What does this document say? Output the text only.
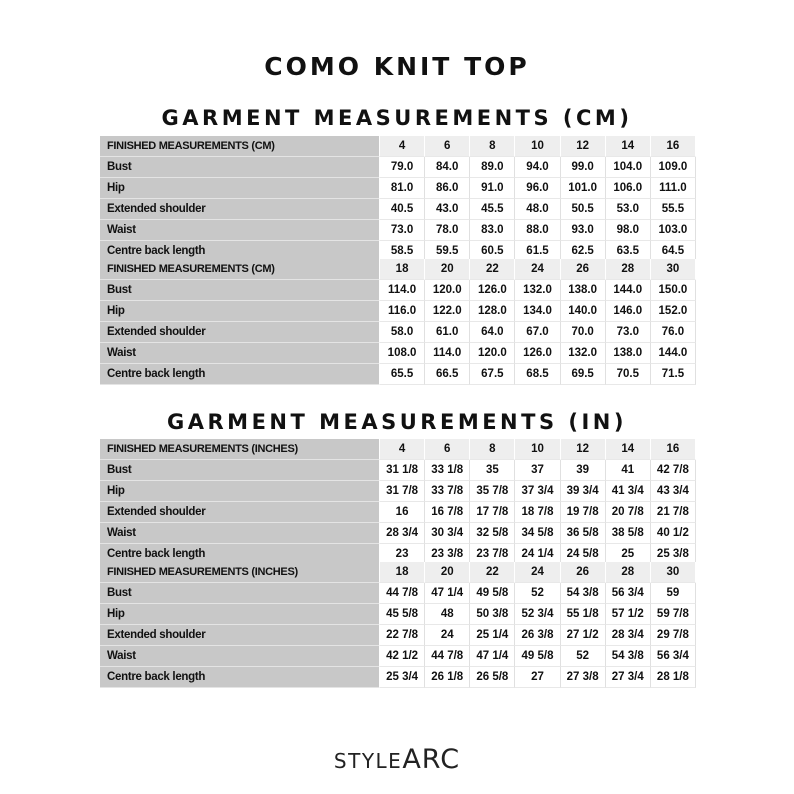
COMO KNIT TOP
GARMENT MEASUREMENTS (CM)
GARMENT MEASUREMENTS (IN)
FINISHED MEASUREMENTS (CM)	4	6	8	10	12	14	16
Bust	79.0	84.0	89.0	94.0	99.0	104.0	109.0
Hip	81.0	86.0	91.0	96.0	101.0	106.0	111.0
Extended shoulder	40.5	43.0	45.5	48.0	50.5	53.0	55.5
Waist	73.0	78.0	83.0	88.0	93.0	98.0	103.0
Centre back length	58.5	59.5	60.5	61.5	62.5	63.5	64.5
FINISHED MEASUREMENTS (CM)	18	20	22	24	26	28	30
Bust	114.0	120.0	126.0	132.0	138.0	144.0	150.0
Hip	116.0	122.0	128.0	134.0	140.0	146.0	152.0
Extended shoulder	58.0	61.0	64.0	67.0	70.0	73.0	76.0
Waist	108.0	114.0	120.0	126.0	132.0	138.0	144.0
Centre back length	65.5	66.5	67.5	68.5	69.5	70.5	71.5
FINISHED MEASUREMENTS (INCHES)	4	6	8	10	12	14	16
Bust	31 1/8	33 1/8	35	37	39	41	42 7/8
Hip	31 7/8	33 7/8	35 7/8	37 3/4	39 3/4	41 3/4	43 3/4
Extended shoulder	16	16 7/8	17 7/8	18 7/8	19 7/8	20 7/8	21 7/8
Waist	28 3/4	30 3/4	32 5/8	34 5/8	36 5/8	38 5/8	40 1/2
Centre back length	23	23 3/8	23 7/8	24 1/4	24 5/8	25	25 3/8
FINISHED MEASUREMENTS (INCHES)	18	20	22	24	26	28	30
Bust	44 7/8	47 1/4	49 5/8	52	54 3/8	56 3/4	59
Hip	45 5/8	48	50 3/8	52 3/4	55 1/8	57 1/2	59 7/8
Extended shoulder	22 7/8	24	25 1/4	26 3/8	27 1/2	28 3/4	29 7/8
Waist	42 1/2	44 7/8	47 1/4	49 5/8	52	54 3/8	56 3/4
Centre back length	25 3/4	26 1/8	26 5/8	27	27 3/8	27 3/4	28 1/8
STYLEARC
